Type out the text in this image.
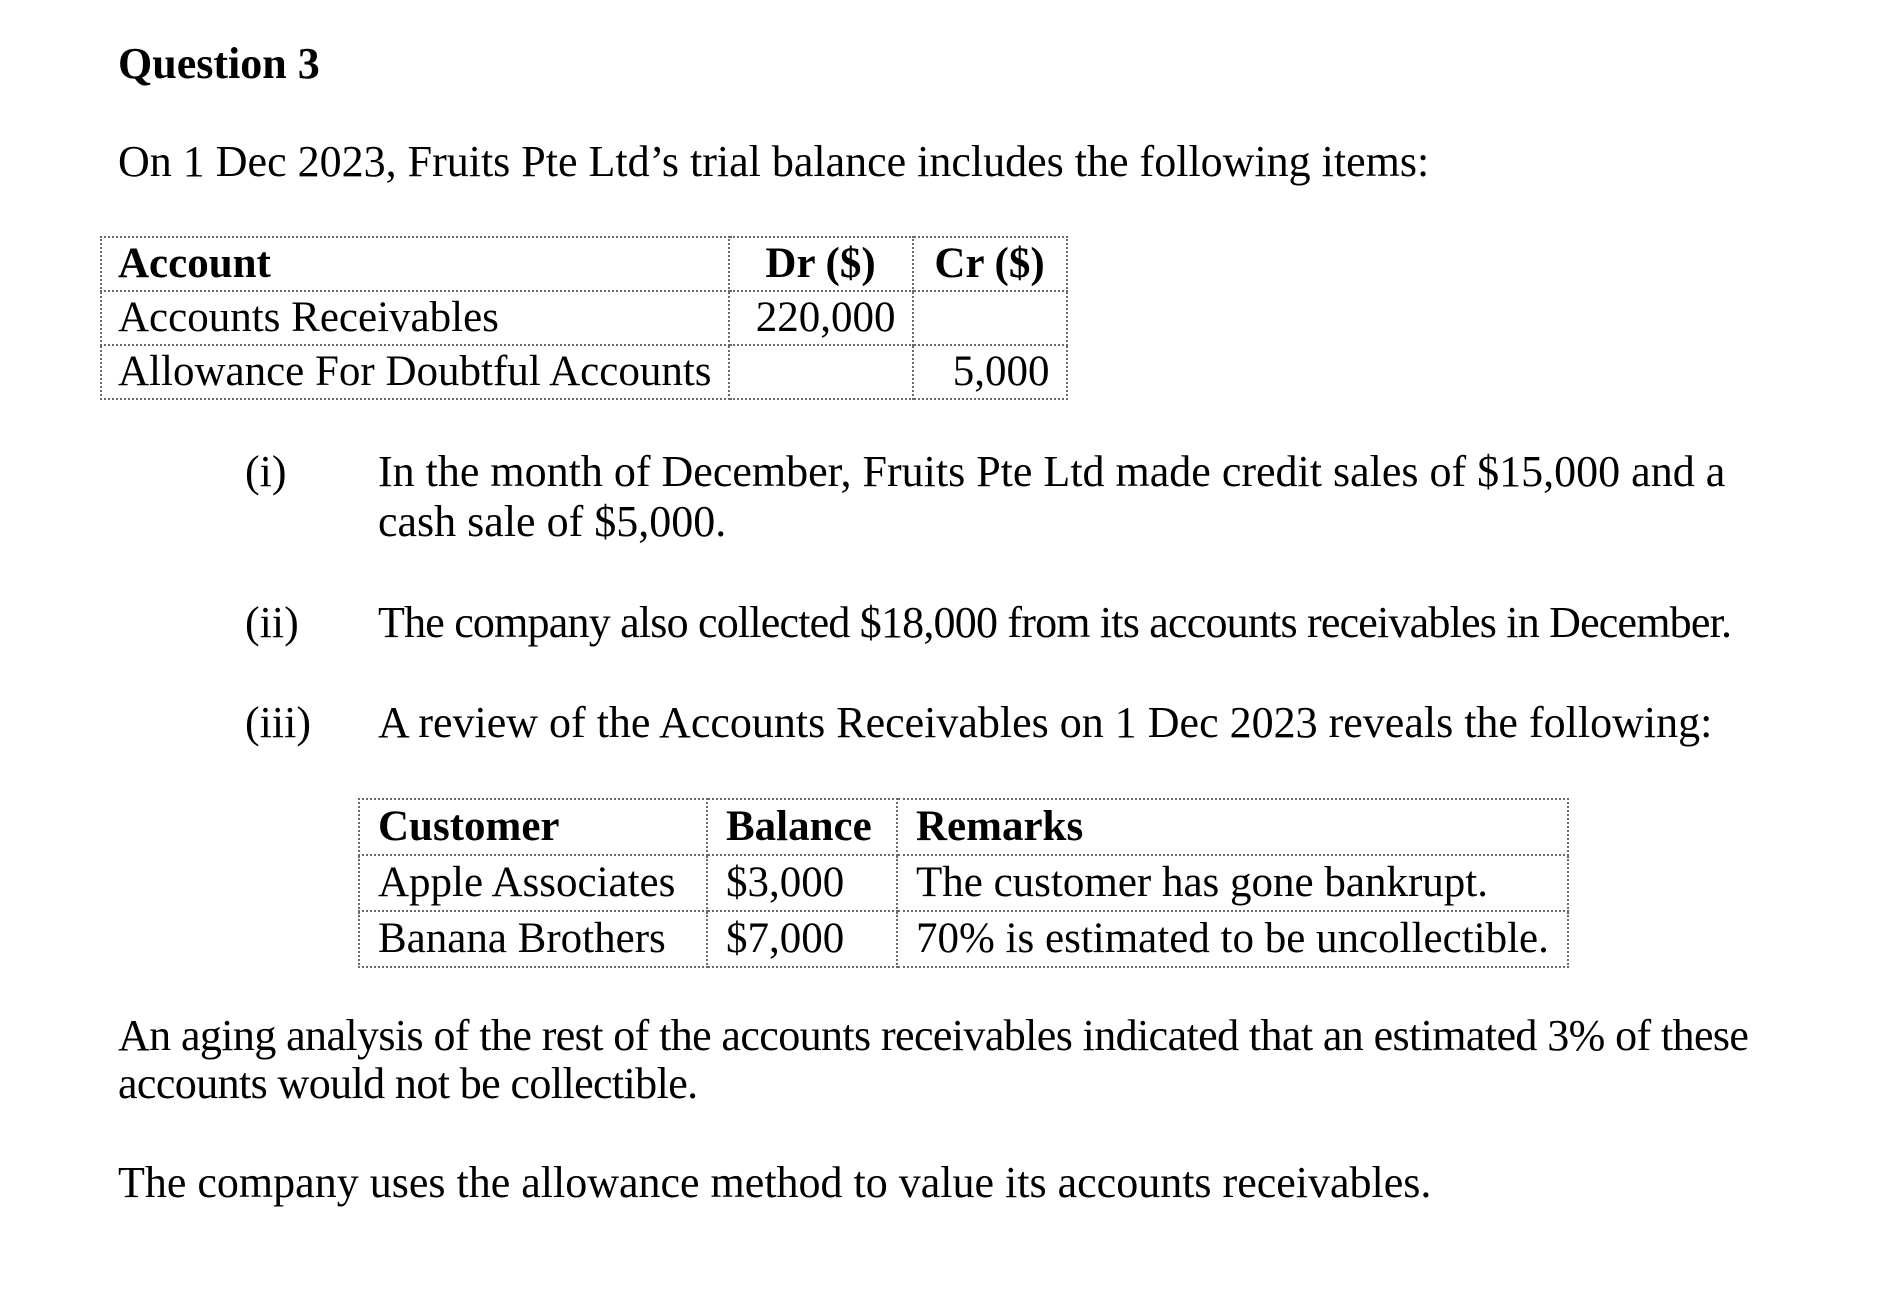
Question 3
On 1 Dec 2023, Fruits Pte Ltd’s trial balance includes the following items:
Account	Dr ($)	Cr ($)
Accounts Receivables	220,000	
Allowance For Doubtful Accounts		5,000
(i) In the month of December, Fruits Pte Ltd made credit sales of $15,000 and a
cash sale of $5,000.
(ii) The company also collected $18,000 from its accounts receivables in December.
(iii) A review of the Accounts Receivables on 1 Dec 2023 reveals the following:
Customer	Balance	Remarks
Apple Associates	$3,000	The customer has gone bankrupt.
Banana Brothers	$7,000	70% is estimated to be uncollectible.
An aging analysis of the rest of the accounts receivables indicated that an estimated 3% of these
accounts would not be collectible.
The company uses the allowance method to value its accounts receivables.
